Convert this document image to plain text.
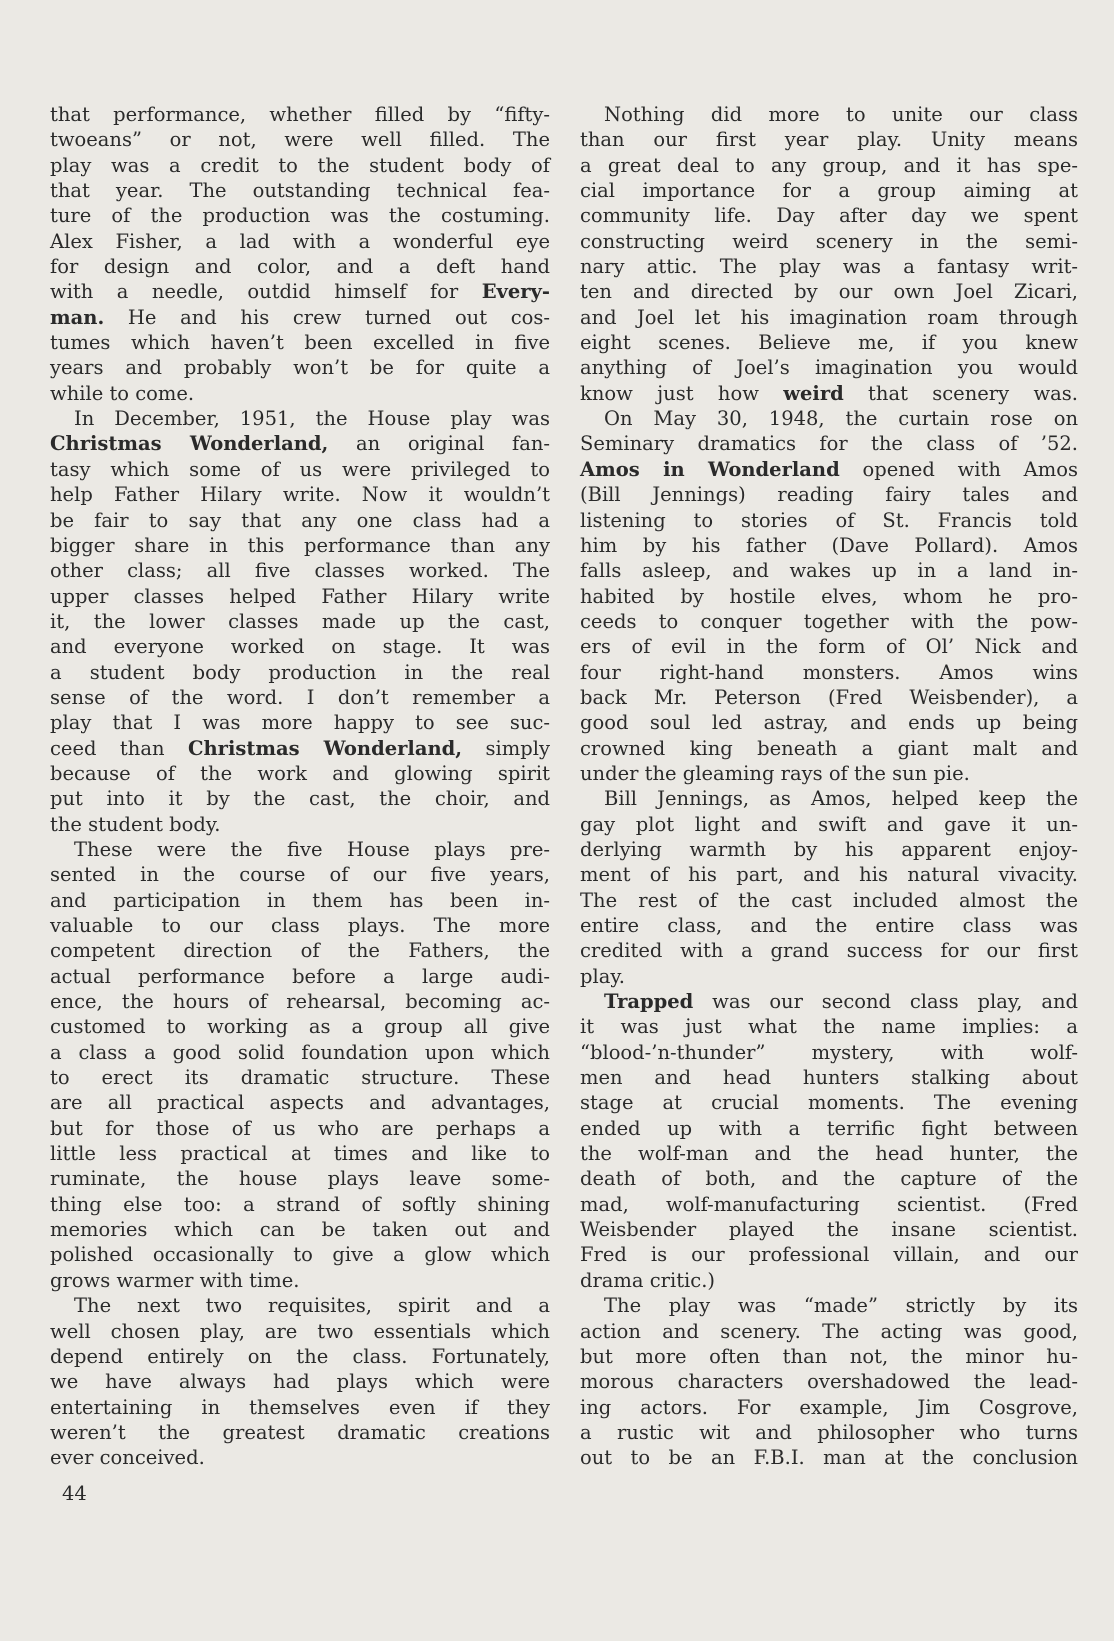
that performance, whether filled by “fifty-
twoeans” or not, were well filled. The
play was a credit to the student body of
that year. The outstanding technical fea-
ture of the production was the costuming.
Alex Fisher, a lad with a wonderful eye
for design and color, and a deft hand
with a needle, outdid himself for Every-
man. He and his crew turned out cos-
tumes which haven’t been excelled in five
years and probably won’t be for quite a
while to come.
In December, 1951, the House play was
Christmas Wonderland, an original fan-
tasy which some of us were privileged to
help Father Hilary write. Now it wouldn’t
be fair to say that any one class had a
bigger share in this performance than any
other class; all five classes worked. The
upper classes helped Father Hilary write
it, the lower classes made up the cast,
and everyone worked on stage. It was
a student body production in the real
sense of the word. I don’t remember a
play that I was more happy to see suc-
ceed than Christmas Wonderland, simply
because of the work and glowing spirit
put into it by the cast, the choir, and
the student body.
These were the five House plays pre-
sented in the course of our five years,
and participation in them has been in-
valuable to our class plays. The more
competent direction of the Fathers, the
actual performance before a large audi-
ence, the hours of rehearsal, becoming ac-
customed to working as a group all give
a class a good solid foundation upon which
to erect its dramatic structure. These
are all practical aspects and advantages,
but for those of us who are perhaps a
little less practical at times and like to
ruminate, the house plays leave some-
thing else too: a strand of softly shining
memories which can be taken out and
polished occasionally to give a glow which
grows warmer with time.
The next two requisites, spirit and a
well chosen play, are two essentials which
depend entirely on the class. Fortunately,
we have always had plays which were
entertaining in themselves even if they
weren’t the greatest dramatic creations
ever conceived.
Nothing did more to unite our class
than our first year play. Unity means
a great deal to any group, and it has spe-
cial importance for a group aiming at
community life. Day after day we spent
constructing weird scenery in the semi-
nary attic. The play was a fantasy writ-
ten and directed by our own Joel Zicari,
and Joel let his imagination roam through
eight scenes. Believe me, if you knew
anything of Joel’s imagination you would
know just how weird that scenery was.
On May 30, 1948, the curtain rose on
Seminary dramatics for the class of ’52.
Amos in Wonderland opened with Amos
(Bill Jennings) reading fairy tales and
listening to stories of St. Francis told
him by his father (Dave Pollard). Amos
falls asleep, and wakes up in a land in-
habited by hostile elves, whom he pro-
ceeds to conquer together with the pow-
ers of evil in the form of Ol’ Nick and
four right-hand monsters. Amos wins
back Mr. Peterson (Fred Weisbender), a
good soul led astray, and ends up being
crowned king beneath a giant malt and
under the gleaming rays of the sun pie.
Bill Jennings, as Amos, helped keep the
gay plot light and swift and gave it un-
derlying warmth by his apparent enjoy-
ment of his part, and his natural vivacity.
The rest of the cast included almost the
entire class, and the entire class was
credited with a grand success for our first
play.
Trapped was our second class play, and
it was just what the name implies: a
“blood-’n-thunder” mystery, with wolf-
men and head hunters stalking about
stage at crucial moments. The evening
ended up with a terrific fight between
the wolf-man and the head hunter, the
death of both, and the capture of the
mad, wolf-manufacturing scientist. (Fred
Weisbender played the insane scientist.
Fred is our professional villain, and our
drama critic.)
The play was “made” strictly by its
action and scenery. The acting was good,
but more often than not, the minor hu-
morous characters overshadowed the lead-
ing actors. For example, Jim Cosgrove,
a rustic wit and philosopher who turns
out to be an F.B.I. man at the conclusion
44
